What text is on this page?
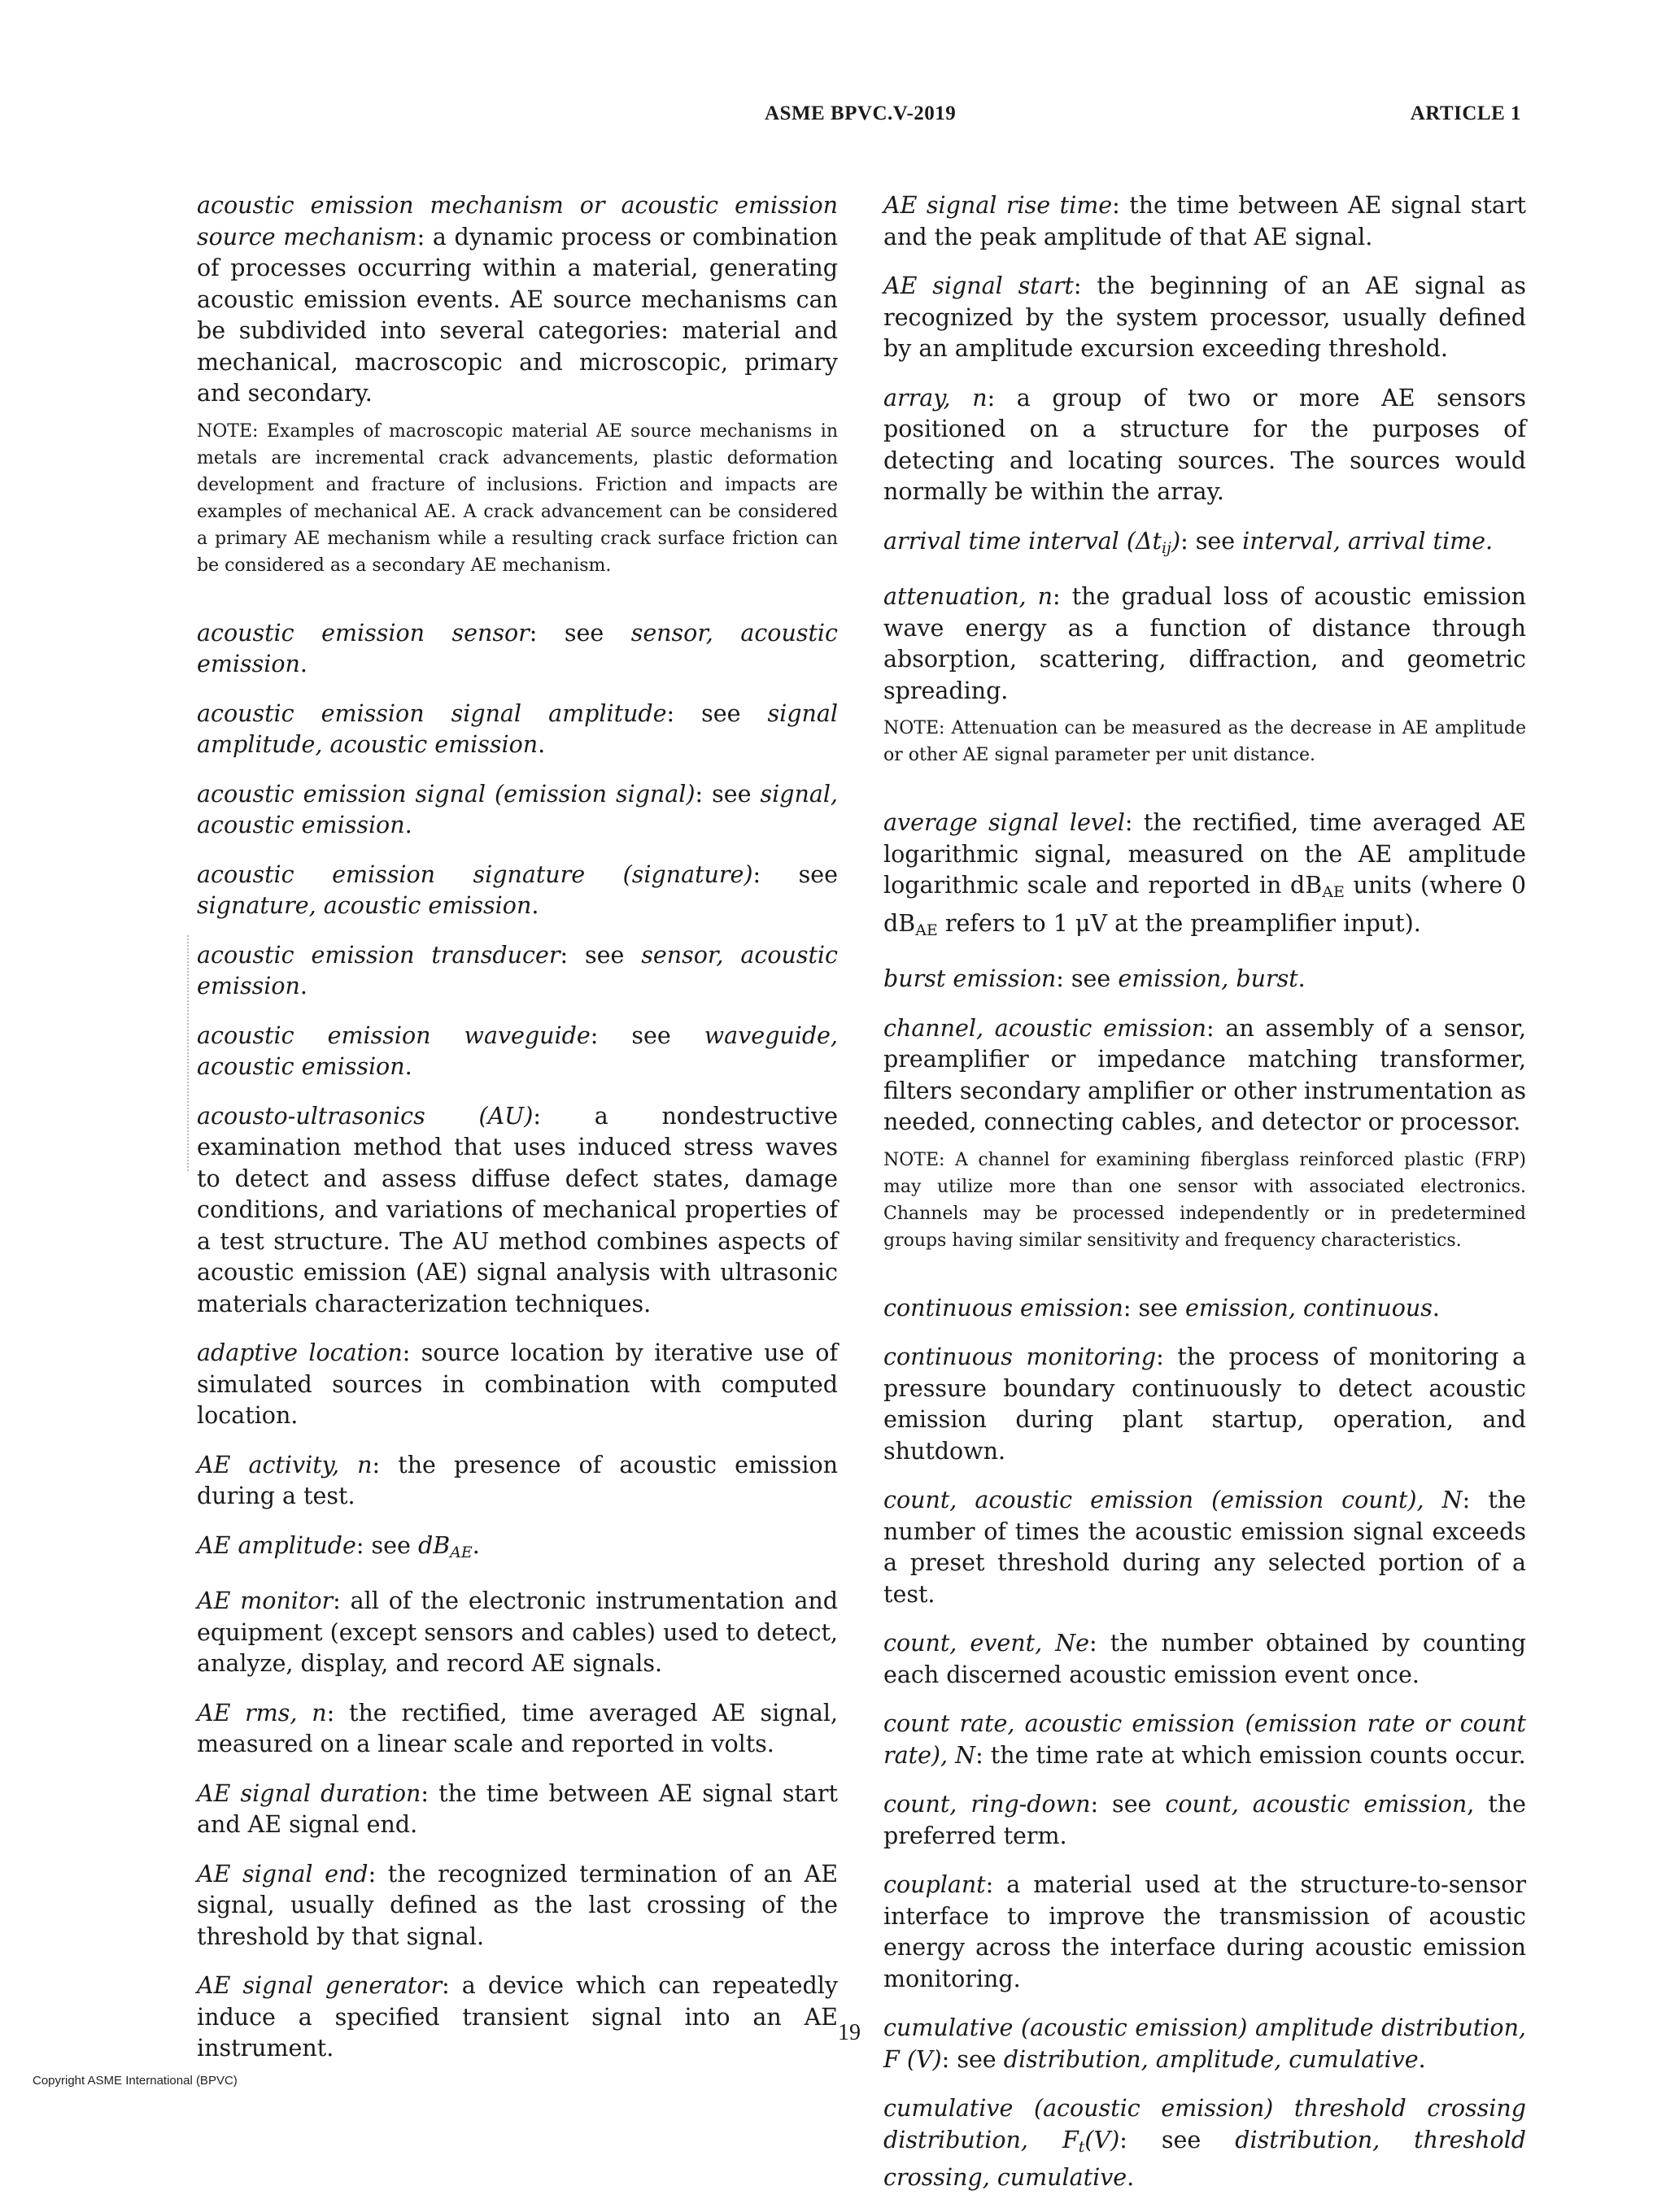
ASME BPVC.V-2019	ARTICLE 1

acoustic emission mechanism or acoustic emission source mechanism: a dynamic process or combination of processes occurring within a material, generating acoustic emission events. AE source mechanisms can be subdivided into several categories: material and mechanical, macroscopic and microscopic, primary and secondary.

NOTE: Examples of macroscopic material AE source mechanisms in metals are incremental crack advancements, plastic deformation development and fracture of inclusions. Friction and impacts are examples of mechanical AE. A crack advancement can be considered a primary AE mechanism while a resulting crack surface friction can be considered as a secondary AE mechanism.

acoustic emission sensor: see sensor, acoustic emission.

acoustic emission signal amplitude: see signal amplitude, acoustic emission.

acoustic emission signal (emission signal): see signal, acoustic emission.

acoustic emission signature (signature): see signature, acoustic emission.

acoustic emission transducer: see sensor, acoustic emission.

acoustic emission waveguide: see waveguide, acoustic emission.

acousto-ultrasonics (AU): a nondestructive examination method that uses induced stress waves to detect and assess diffuse defect states, damage conditions, and variations of mechanical properties of a test structure. The AU method combines aspects of acoustic emission (AE) signal analysis with ultrasonic materials characterization techniques.

adaptive location: source location by iterative use of simulated sources in combination with computed location.

AE activity, n: the presence of acoustic emission during a test.

AE amplitude: see $dB_{AE}$.

AE monitor: all of the electronic instrumentation and equipment (except sensors and cables) used to detect, analyze, display, and record AE signals.

AE rms, n: the rectified, time averaged AE signal, measured on a linear scale and reported in volts.

AE signal duration: the time between AE signal start and AE signal end.

AE signal end: the recognized termination of an AE signal, usually defined as the last crossing of the threshold by that signal.

AE signal generator: a device which can repeatedly induce a specified transient signal into an AE instrument.

AE signal rise time: the time between AE signal start and the peak amplitude of that AE signal.

AE signal start: the beginning of an AE signal as recognized by the system processor, usually defined by an amplitude excursion exceeding threshold.

array, n: a group of two or more AE sensors positioned on a structure for the purposes of detecting and locating sources. The sources would normally be within the array.

arrival time interval $(\Delta t_{ij})$: see interval, arrival time.

attenuation, n: the gradual loss of acoustic emission wave energy as a function of distance through absorption, scattering, diffraction, and geometric spreading.

NOTE: Attenuation can be measured as the decrease in AE amplitude or other AE signal parameter per unit distance.

average signal level: the rectified, time averaged AE logarithmic signal, measured on the AE amplitude logarithmic scale and reported in $dB_{AE}$ units (where 0 $dB_{AE}$ refers to 1 μV at the preamplifier input).

burst emission: see emission, burst.

channel, acoustic emission: an assembly of a sensor, preamplifier or impedance matching transformer, filters secondary amplifier or other instrumentation as needed, connecting cables, and detector or processor.

NOTE: A channel for examining fiberglass reinforced plastic (FRP) may utilize more than one sensor with associated electronics. Channels may be processed independently or in predetermined groups having similar sensitivity and frequency characteristics.

continuous emission: see emission, continuous.

continuous monitoring: the process of monitoring a pressure boundary continuously to detect acoustic emission during plant startup, operation, and shutdown.

count, acoustic emission (emission count), N: the number of times the acoustic emission signal exceeds a preset threshold during any selected portion of a test.

count, event, Ne: the number obtained by counting each discerned acoustic emission event once.

count rate, acoustic emission (emission rate or count rate), N: the time rate at which emission counts occur.

count, ring-down: see count, acoustic emission, the preferred term.

couplant: a material used at the structure-to-sensor interface to improve the transmission of acoustic energy across the interface during acoustic emission monitoring.

cumulative (acoustic emission) amplitude distribution, F (V): see distribution, amplitude, cumulative.

cumulative (acoustic emission) threshold crossing distribution, $F_t(V)$: see distribution, threshold crossing, cumulative.

19
Copyright ASME International (BPVC)
